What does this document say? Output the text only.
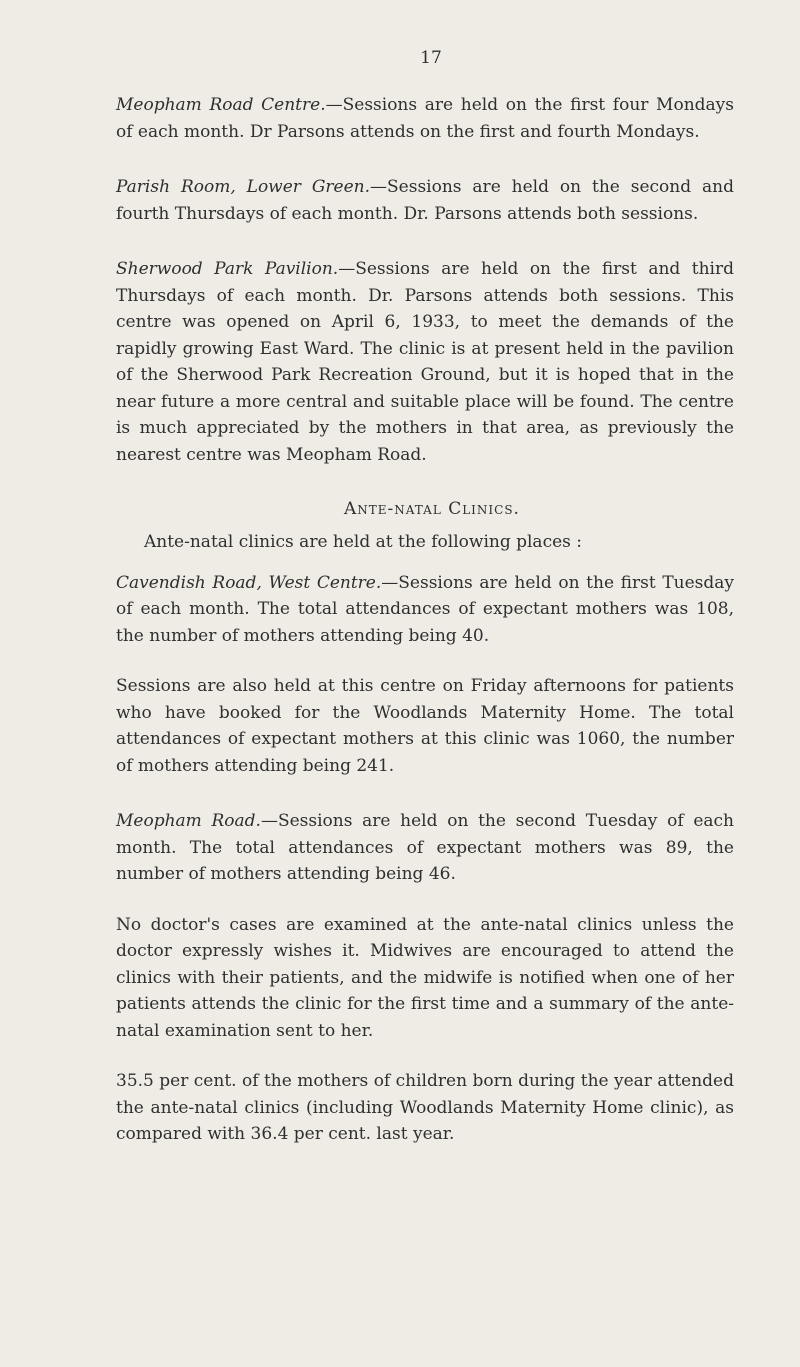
17

Meopham Road Centre.—Sessions are held on the first four Mondays of each month. Dr Parsons attends on the first and fourth Mondays.

Parish Room, Lower Green.—Sessions are held on the second and fourth Thursdays of each month. Dr. Parsons attends both sessions.

Sherwood Park Pavilion.—Sessions are held on the first and third Thursdays of each month. Dr. Parsons attends both sessions. This centre was opened on April 6, 1933, to meet the demands of the rapidly growing East Ward. The clinic is at present held in the pavilion of the Sherwood Park Recreation Ground, but it is hoped that in the near future a more central and suitable place will be found. The centre is much appreciated by the mothers in that area, as previously the nearest centre was Meopham Road.

Ante-natal Clinics.

Ante-natal clinics are held at the following places :

Cavendish Road, West Centre.—Sessions are held on the first Tuesday of each month. The total attendances of expectant mothers was 108, the number of mothers attending being 40.

Sessions are also held at this centre on Friday afternoons for patients who have booked for the Woodlands Maternity Home. The total attendances of expectant mothers at this clinic was 1060, the number of mothers attending being 241.

Meopham Road.—Sessions are held on the second Tuesday of each month. The total attendances of expectant mothers was 89, the number of mothers attending being 46.

No doctor's cases are examined at the ante-natal clinics unless the doctor expressly wishes it. Midwives are encouraged to attend the clinics with their patients, and the midwife is notified when one of her patients attends the clinic for the first time and a summary of the ante-natal examination sent to her.

35.5 per cent. of the mothers of children born during the year attended the ante-natal clinics (including Woodlands Maternity Home clinic), as compared with 36.4 per cent. last year.
